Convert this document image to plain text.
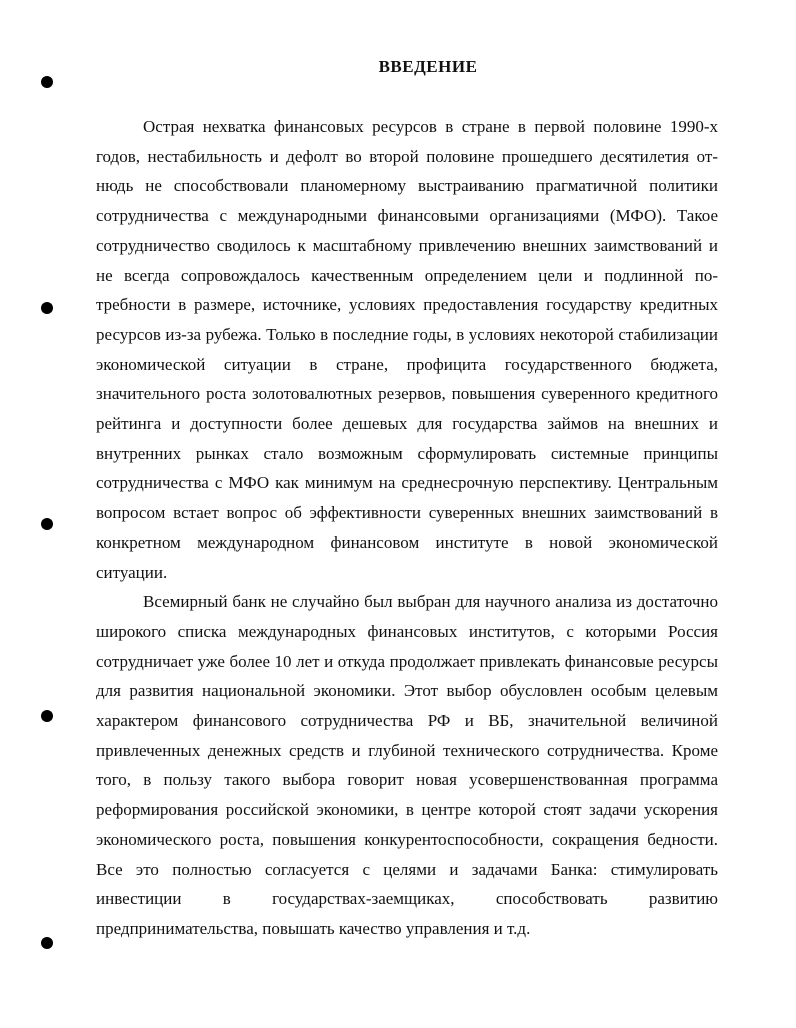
ВВЕДЕНИЕ

Острая нехватка финансовых ресурсов в стране в первой половине 1990-х годов, нестабильность и дефолт во второй половине прошедшего десятилетия отнюдь не способствовали планомерному выстраиванию прагматичной политики сотрудничества с международными финансовыми организациями (МФО). Такое сотрудничество сводилось к масштабному привлечению внешних заимствований и не всегда сопровождалось качественным определением цели и подлинной потребности в размере, источнике, условиях предоставления государству кредитных ресурсов из-за рубежа. Только в последние годы, в условиях некоторой стабилизации экономической ситуации в стране, профицита государственного бюджета, значительного роста золотовалютных резервов, повышения суверенного кредитного рейтинга и доступности более дешевых для государства займов на внешних и внутренних рынках стало возможным сформулировать системные принципы сотрудничества с МФО как минимум на среднесрочную перспективу. Центральным вопросом встает вопрос об эффективности суверенных внешних заимствований в конкретном международном финансовом институте в новой экономической ситуации.

Всемирный банк не случайно был выбран для научного анализа из достаточно широкого списка международных финансовых институтов, с которыми Россия сотрудничает уже более 10 лет и откуда продолжает привлекать финансовые ресурсы для развития национальной экономики. Этот выбор обусловлен особым целевым характером финансового сотрудничества РФ и ВБ, значительной величиной привлеченных денежных средств и глубиной технического сотрудничества. Кроме того, в пользу такого выбора говорит новая усовершенствованная программа реформирования российской экономики, в центре которой стоят задачи ускорения экономического роста, повышения конкурентоспособности, сокращения бедности. Все это полностью согласуется с целями и задачами Банка: стимулировать инвестиции в государствах-заемщиках, способствовать развитию предпринимательства, повышать качество управления и т.д.
